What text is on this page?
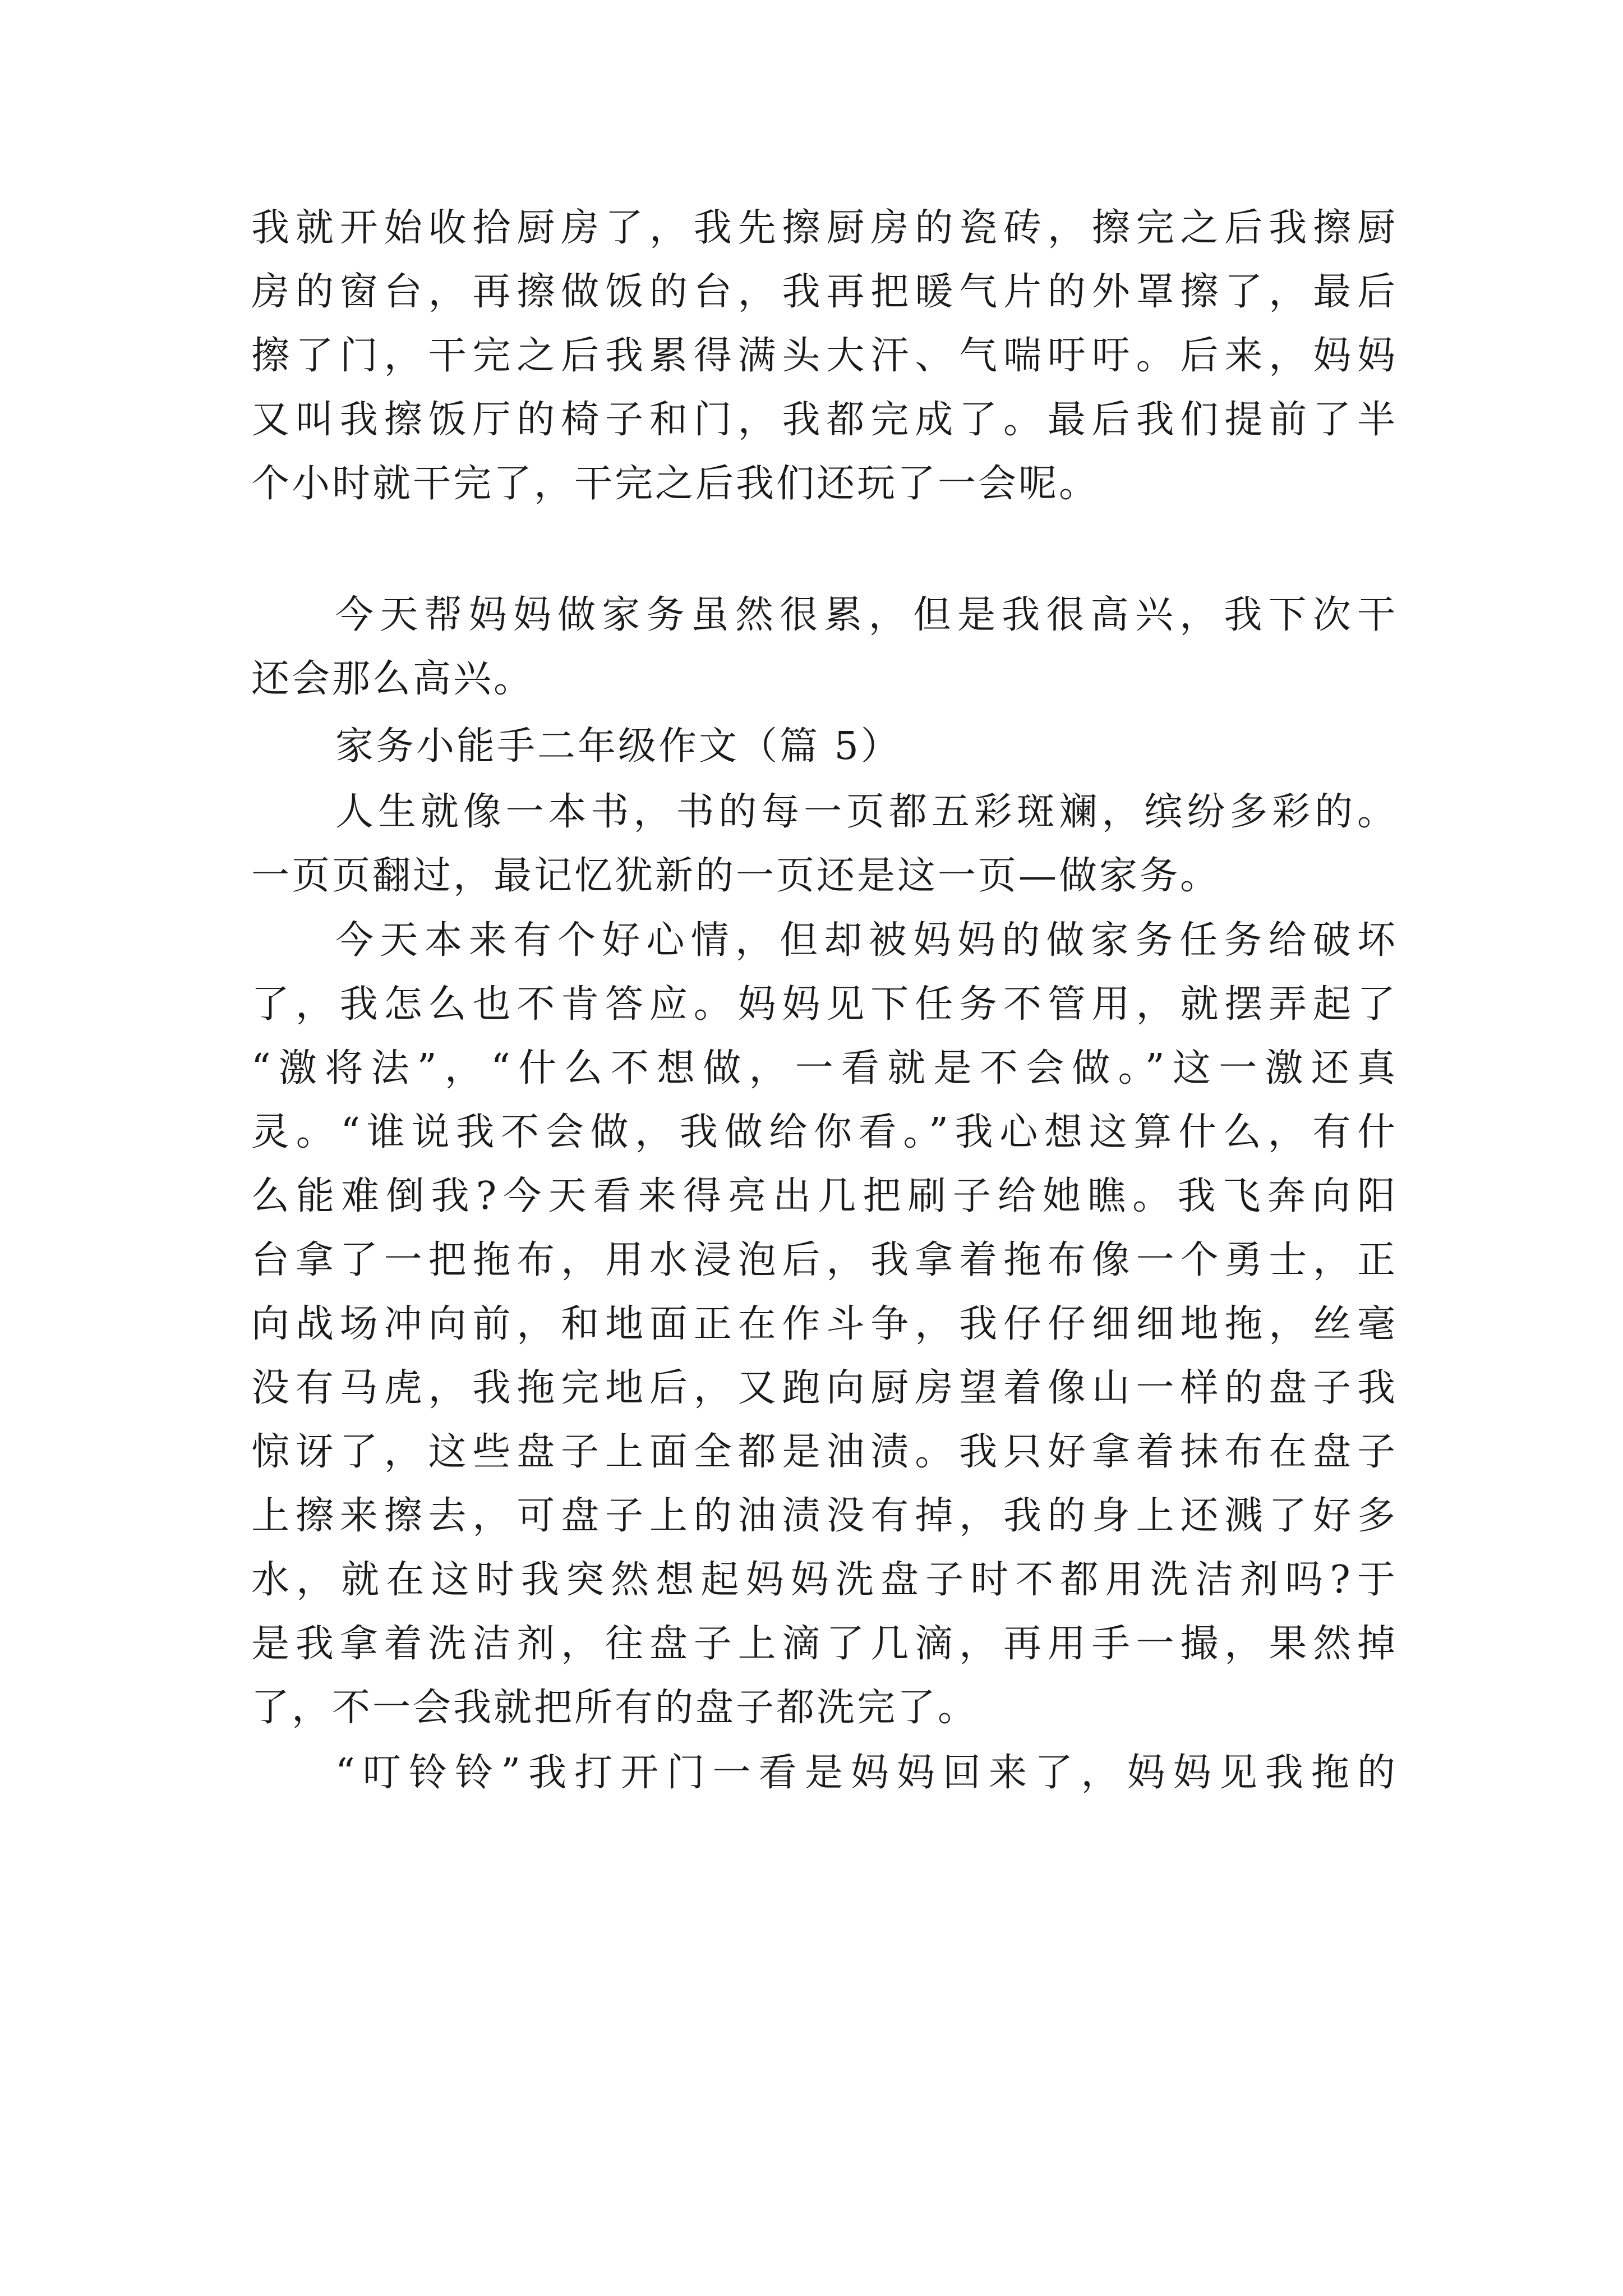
我就开始收拾厨房了，我先擦厨房的瓷砖，擦完之后我擦厨
房的窗台，再擦做饭的台，我再把暖气片的外罩擦了，最后
擦了门，干完之后我累得满头大汗、气喘吁吁。后来，妈妈
又叫我擦饭厅的椅子和门，我都完成了。最后我们提前了半
个小时就干完了，干完之后我们还玩了一会呢。
今天帮妈妈做家务虽然很累，但是我很高兴，我下次干
还会那么高兴。
家务小能手二年级作文（篇 5）
人生就像一本书，书的每一页都五彩斑斓，缤纷多彩的。
一页页翻过，最记忆犹新的一页还是这一页—做家务。
今天本来有个好心情，但却被妈妈的做家务任务给破坏
了，我怎么也不肯答应。妈妈见下任务不管用，就摆弄起了
“激将法”，“什么不想做，一看就是不会做。”这一激还真
灵。“谁说我不会做，我做给你看。”我心想这算什么，有什
么能难倒我?今天看来得亮出几把刷子给她瞧。我飞奔向阳
台拿了一把拖布，用水浸泡后，我拿着拖布像一个勇士，正
向战场冲向前，和地面正在作斗争，我仔仔细细地拖，丝毫
没有马虎，我拖完地后，又跑向厨房望着像山一样的盘子我
惊讶了，这些盘子上面全都是油渍。我只好拿着抹布在盘子
上擦来擦去，可盘子上的油渍没有掉，我的身上还溅了好多
水，就在这时我突然想起妈妈洗盘子时不都用洗洁剂吗?于
是我拿着洗洁剂，往盘子上滴了几滴，再用手一撮，果然掉
了，不一会我就把所有的盘子都洗完了。
“叮铃铃”我打开门一看是妈妈回来了，妈妈见我拖的
